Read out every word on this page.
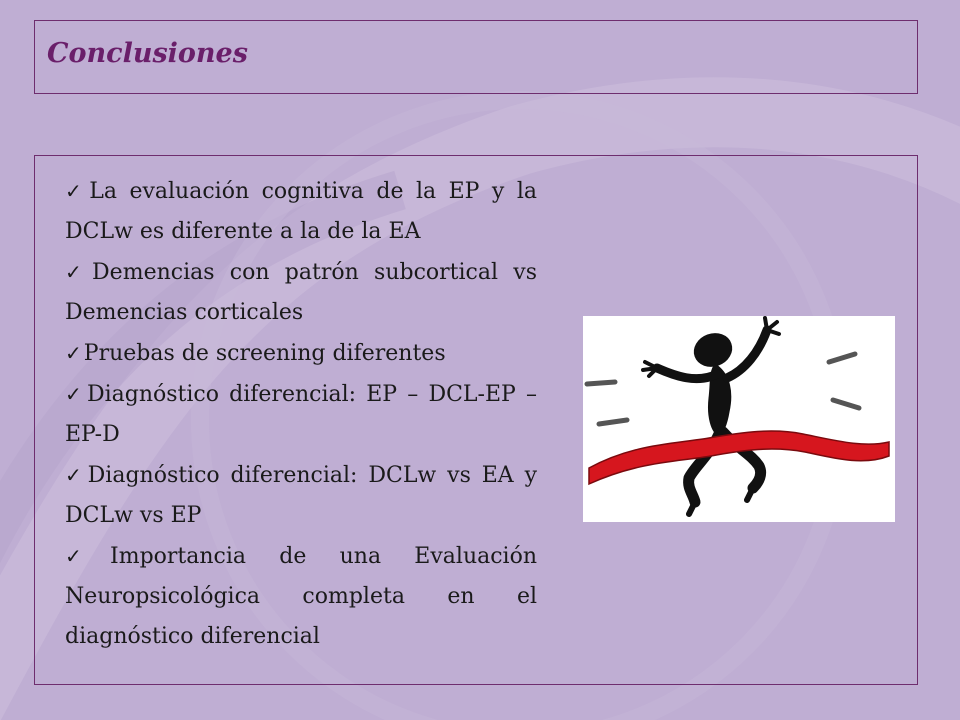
Conclusiones
✓La evaluación cognitiva de la EP y la DCLw es diferente a la de la EA
✓Demencias con patrón subcortical vs Demencias corticales
✓Pruebas de screening diferentes
✓Diagnóstico diferencial: EP – DCL-EP – EP-D
✓Diagnóstico diferencial: DCLw vs EA y DCLw vs EP
✓Importancia de una Evaluación Neuropsicológica completa en el diagnóstico diferencial
